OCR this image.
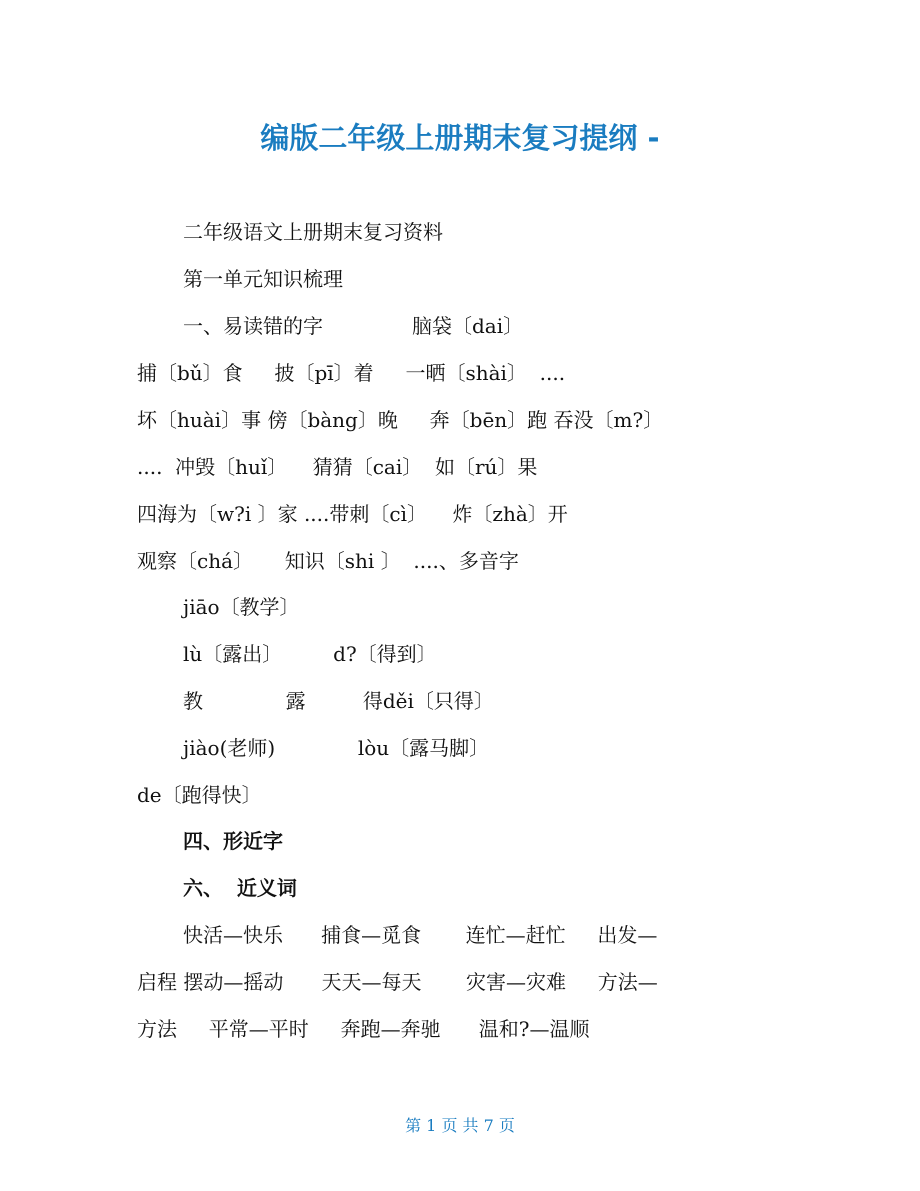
编版二年级上册期末复习提纲 -
二年级语文上册期末复习资料
第一单元知识梳理
一、易读错的字              脑袋〔dai〕
捕〔bǔ〕食     披〔pī〕着     一晒〔shài〕  ....
坏〔huài〕事 傍〔bàng〕晚     奔〔bēn〕跑 吞没〔m?〕
....  冲毁〔huǐ〕    猜猜〔cai〕  如〔rú〕果
四海为〔w?i 〕家 ....带刺〔cì〕    炸〔zhà〕开
观察〔chá〕     知识〔shi 〕  ....、多音字
jiāo〔教学〕
lù〔露出〕        d?〔得到〕
教             露         得děi〔只得〕
jiào(老师)             lòu〔露马脚〕
de〔跑得快〕
四、形近字
六、  近义词
快活—快乐      捕食—觅食       连忙—赶忙     出发—
启程 摆动—摇动      天天—每天       灾害—灾难     方法—
方法     平常—平时     奔跑—奔驰      温和?—温顺
第 1 页 共 7 页
